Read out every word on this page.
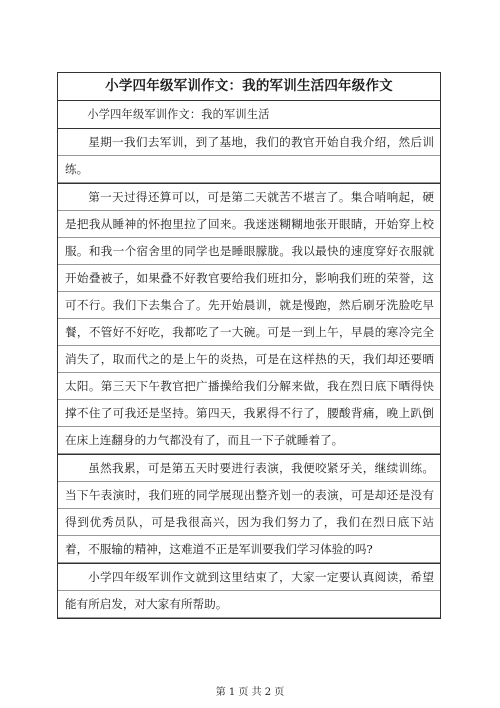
小学四年级军训作文：我的军训生活四年级作文
小学四年级军训作文：我的军训生活
星期一我们去军训，到了基地，我们的教官开始自我介绍，然后训练。
第一天过得还算可以，可是第二天就苦不堪言了。集合哨响起，硬是把我从睡神的怀抱里拉了回来。我迷迷糊糊地张开眼睛，开始穿上校服。和我一个宿舍里的同学也是睡眼朦胧。我以最快的速度穿好衣服就开始叠被子，如果叠不好教官要给我们班扣分，影响我们班的荣誉，这可不行。我们下去集合了。先开始晨训，就是慢跑，然后刷牙洗脸吃早餐，不管好不好吃，我都吃了一大碗。可是一到上午，早晨的寒冷完全消失了，取而代之的是上午的炎热，可是在这样热的天，我们却还要晒太阳。第三天下午教官把广播操给我们分解来做，我在烈日底下晒得快撑不住了可我还是坚持。第四天，我累得不行了，腰酸背痛，晚上趴倒在床上连翻身的力气都没有了，而且一下子就睡着了。
虽然我累，可是第五天时要进行表演，我便咬紧牙关，继续训练。当下午表演时，我们班的同学展现出整齐划一的表演，可是却还是没有得到优秀员队，可是我很高兴，因为我们努力了，我们在烈日底下站着，不服输的精神，这难道不正是军训要我们学习体验的吗?
小学四年级军训作文就到这里结束了，大家一定要认真阅读，希望能有所启发，对大家有所帮助。
第 1 页 共 2 页
